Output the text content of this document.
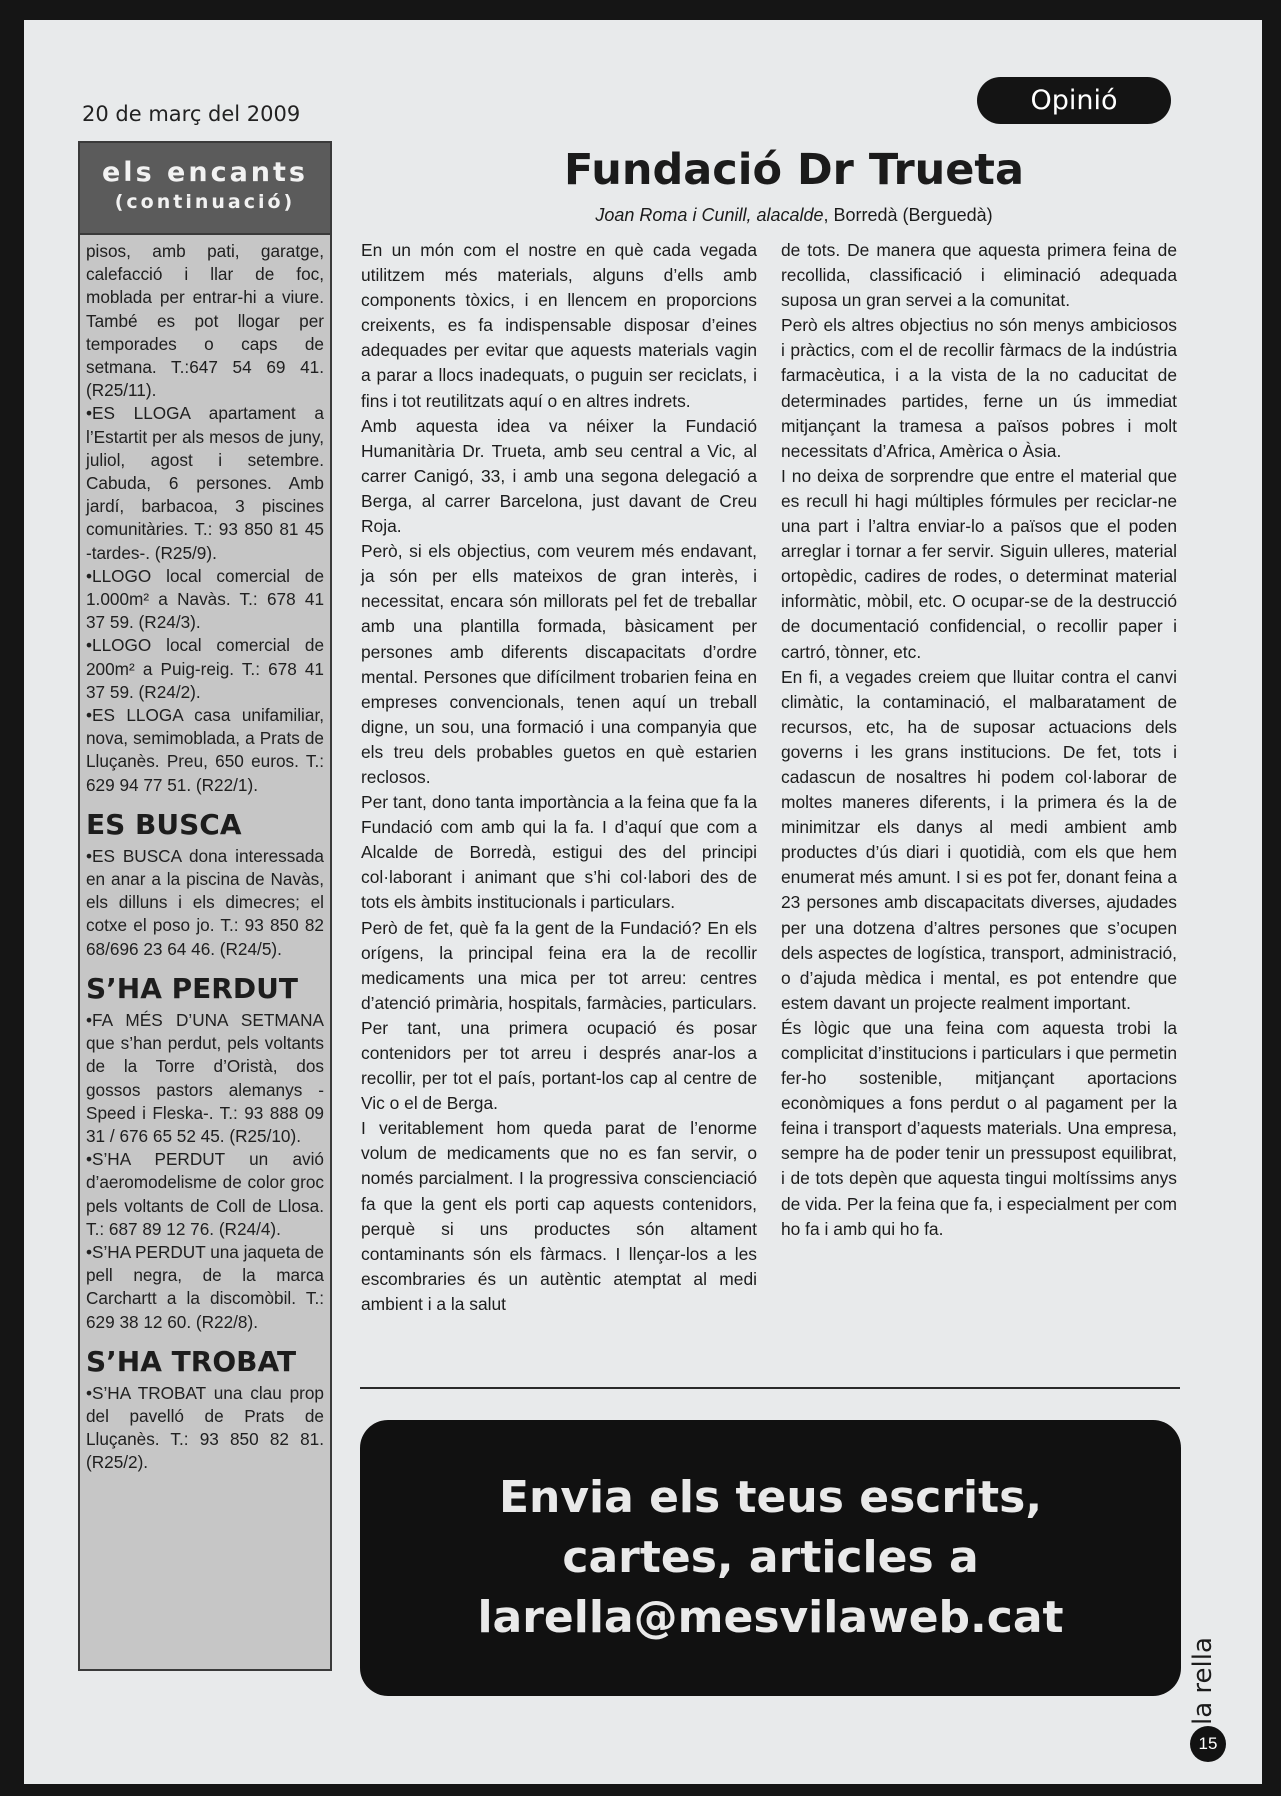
20 de març del 2009	Opinió
els encants
(continuació)

pisos, amb pati, garatge, calefacció i llar de foc, moblada per entrar-hi a viure. També es pot llogar per temporades o caps de setmana. T.:647 54 69 41. (R25/11).

•ES LLOGA apartament a l’Estartit per als mesos de juny, juliol, agost i setembre. Cabuda, 6 persones. Amb jardí, barbacoa, 3 piscines comunitàries. T.: 93 850 81 45 -tardes-. (R25/9).

•LLOGO local comercial de 1.000m² a Navàs. T.: 678 41 37 59. (R24/3).

•LLOGO local comercial de 200m² a Puig-reig. T.: 678 41 37 59. (R24/2).

•ES LLOGA casa unifamiliar, nova, semimoblada, a Prats de Lluçanès. Preu, 650 euros. T.: 629 94 77 51. (R22/1).

ES BUSCA

•ES BUSCA dona interessada en anar a la piscina de Navàs, els dilluns i els dimecres; el cotxe el poso jo. T.: 93 850 82 68/696 23 64 46. (R24/5).

S’HA PERDUT

•FA MÉS D’UNA SETMANA que s’han perdut, pels voltants de la Torre d’Oristà, dos gossos pastors alemanys -Speed i Fleska-. T.: 93 888 09 31 / 676 65 52 45. (R25/10).

•S’HA PERDUT un avió d’aeromodelisme de color groc pels voltants de Coll de Llosa. T.: 687 89 12 76. (R24/4).

•S’HA PERDUT una jaqueta de pell negra, de la marca Carchartt a la discomòbil. T.: 629 38 12 60. (R22/8).

S’HA TROBAT

•S’HA TROBAT una clau prop del pavelló de Prats de Lluçanès. T.: 93 850 82 81. (R25/2).

Fundació Dr Trueta
Joan Roma i Cunill, alacalde, Borredà (Berguedà)

En un món com el nostre en què cada vegada utilitzem més materials, alguns d’ells amb components tòxics, i en llencem en proporcions creixents, es fa indispensable disposar d’eines adequades per evitar que aquests materials vagin a parar a llocs inadequats, o puguin ser reciclats, i fins i tot reutilitzats aquí o en altres indrets.

Amb aquesta idea va néixer la Fundació Humanitària Dr. Trueta, amb seu central a Vic, al carrer Canigó, 33, i amb una segona delegació a Berga, al carrer Barcelona, just davant de Creu Roja.

Però, si els objectius, com veurem més endavant, ja són per ells mateixos de gran interès, i necessitat, encara són millorats pel fet de treballar amb una plantilla formada, bàsicament per persones amb diferents discapacitats d’ordre mental. Persones que difícilment trobarien feina en empreses convencionals, tenen aquí un treball digne, un sou, una formació i una companyia que els treu dels probables guetos en què estarien reclosos.

Per tant, dono tanta importància a la feina que fa la Fundació com amb qui la fa. I d’aquí que com a Alcalde de Borredà, estigui des del principi col·laborant i animant que s’hi col·labori des de tots els àmbits institucionals i particulars.

Però de fet, què fa la gent de la Fundació? En els orígens, la principal feina era la de recollir medicaments una mica per tot arreu: centres d’atenció primària, hospitals, farmàcies, particulars. Per tant, una primera ocupació és posar contenidors per tot arreu i després anar-los a recollir, per tot el país, portant-los cap al centre de Vic o el de Berga.

I veritablement hom queda parat de l’enorme volum de medicaments que no es fan servir, o només parcialment. I la progressiva conscienciació fa que la gent els porti cap aquests contenidors, perquè si uns productes són altament contaminants són els fàrmacs. I llençar-los a les escombraries és un autèntic atemptat al medi ambient i a la salut

de tots. De manera que aquesta primera feina de recollida, classificació i eliminació adequada suposa un gran servei a la comunitat.

Però els altres objectius no són menys ambiciosos i pràctics, com el de recollir fàrmacs de la indústria farmacèutica, i a la vista de la no caducitat de determinades partides, ferne un ús immediat mitjançant la tramesa a països pobres i molt necessitats d’Africa, Amèrica o Àsia.

I no deixa de sorprendre que entre el material que es recull hi hagi múltiples fórmules per reciclar-ne una part i l’altra enviar-lo a països que el poden arreglar i tornar a fer servir. Siguin ulleres, material ortopèdic, cadires de rodes, o determinat material informàtic, mòbil, etc. O ocupar-se de la destrucció de documentació confidencial, o recollir paper i cartró, tònner, etc.

En fi, a vegades creiem que lluitar contra el canvi climàtic, la contaminació, el malbaratament de recursos, etc, ha de suposar actuacions dels governs i les grans institucions. De fet, tots i cadascun de nosaltres hi podem col·laborar de moltes maneres diferents, i la primera és la de minimitzar els danys al medi ambient amb productes d’ús diari i quotidià, com els que hem enumerat més amunt. I si es pot fer, donant feina a 23 persones amb discapacitats diverses, ajudades per una dotzena d’altres persones que s’ocupen dels aspectes de logística, transport, administració, o d’ajuda mèdica i mental, es pot entendre que estem davant un projecte realment important.

És lògic que una feina com aquesta trobi la complicitat d’institucions i particulars i que permetin fer-ho sostenible, mitjançant aportacions econòmiques a fons perdut o al pagament per la feina i transport d’aquests materials. Una empresa, sempre ha de poder tenir un pressupost equilibrat, i de tots depèn que aquesta tingui moltíssims anys de vida. Per la feina que fa, i especialment per com ho fa i amb qui ho fa.

Envia els teus escrits,
cartes, articles a
larella@mesvilaweb.cat
la rella
15
